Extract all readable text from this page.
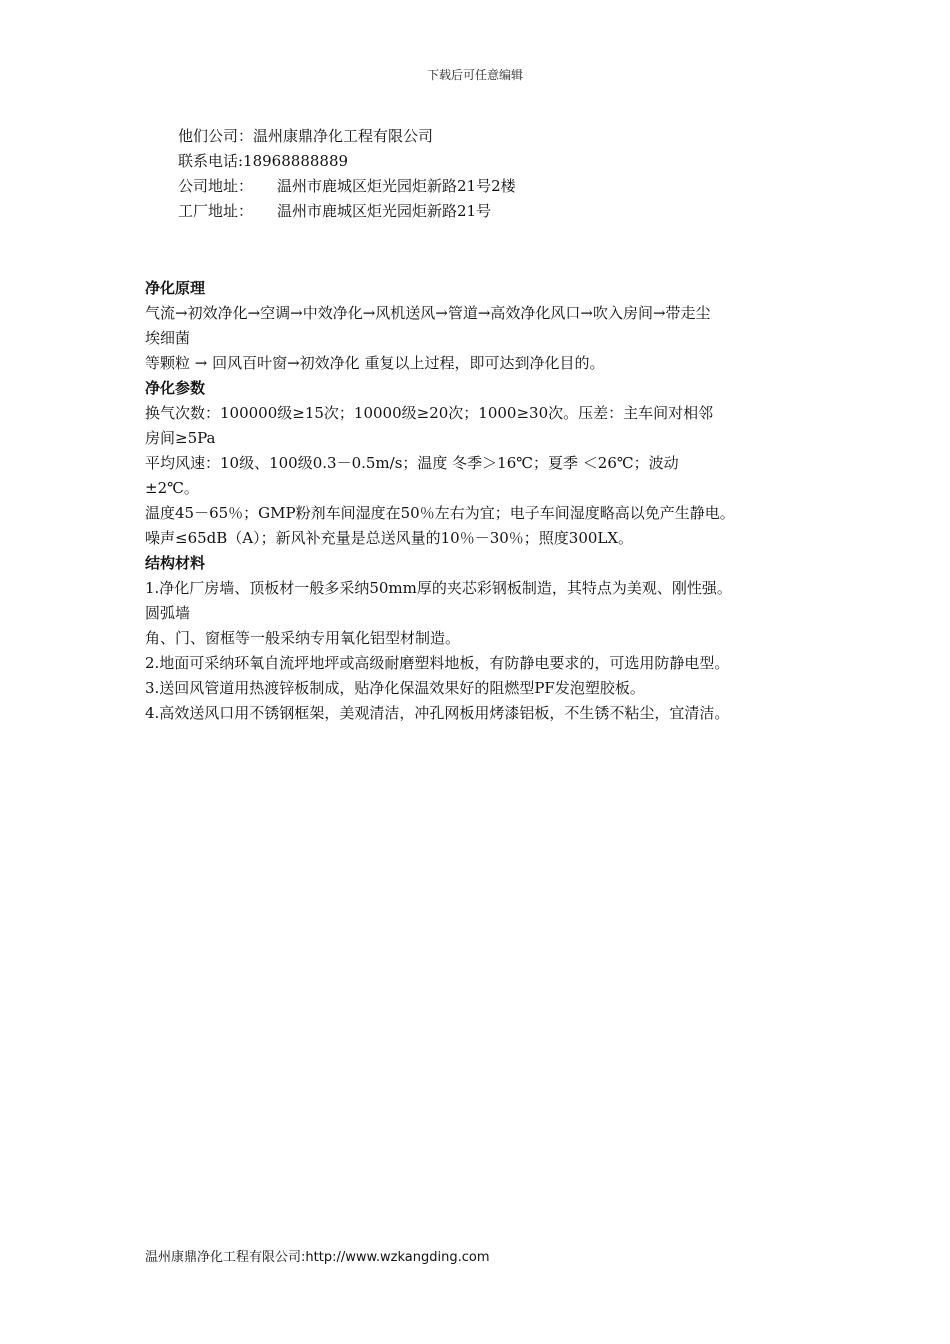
下载后可任意编辑
他们公司：温州康鼎净化工程有限公司
联系电话:18968888889
公司地址： 温州市鹿城区炬光园炬新路21号2楼
工厂地址： 温州市鹿城区炬光园炬新路21号
净化原理
气流→初效净化→空调→中效净化→风机送风→管道→高效净化风口→吹入房间→带走尘
埃细菌
等颗粒 → 回风百叶窗→初效净化 重复以上过程，即可达到净化目的。
净化参数
换气次数：100000级≥15次；10000级≥20次；1000≥30次。压差：主车间对相邻
房间≥5Pa
平均风速：10级、100级0.3－0.5m/s；温度 冬季＞16℃；夏季 ＜26℃；波动
±2℃。
温度45－65％；GMP粉剂车间湿度在50％左右为宜；电子车间湿度略高以免产生静电。
噪声≤65dB（A）；新风补充量是总送风量的10％－30％；照度300LX。
结构材料
1.净化厂房墙、顶板材一般多采纳50mm厚的夹芯彩钢板制造，其特点为美观、刚性强。
圆弧墙
角、门、窗框等一般采纳专用氧化铝型材制造。
2.地面可采纳环氧自流坪地坪或高级耐磨塑料地板，有防静电要求的，可选用防静电型。
3.送回风管道用热渡锌板制成，贴净化保温效果好的阻燃型PF发泡塑胶板。
4.高效送风口用不锈钢框架，美观清洁，冲孔网板用烤漆铝板，不生锈不粘尘，宜清洁。
温州康鼎净化工程有限公司:http://www.wzkangding.com
